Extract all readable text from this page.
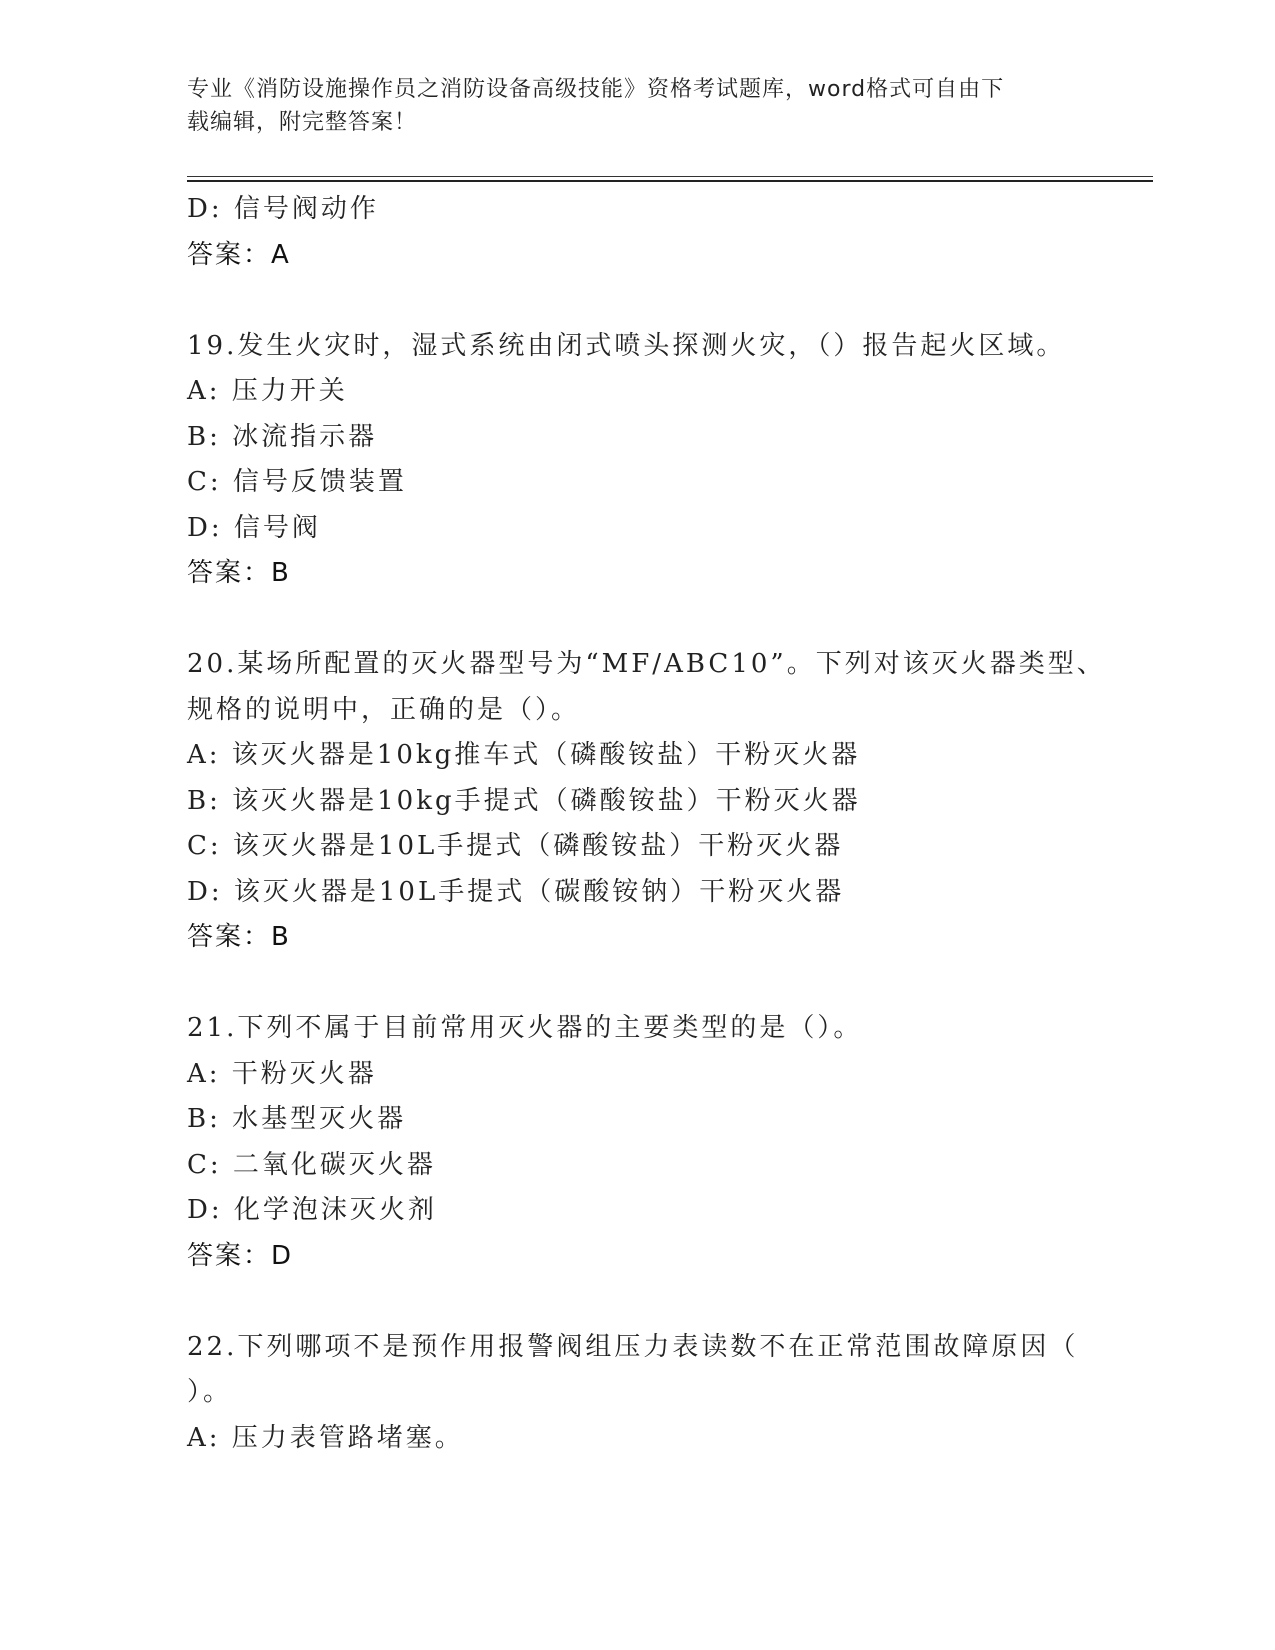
专业《消防设施操作员之消防设备高级技能》资格考试题库，word格式可自由下
载编辑，附完整答案！
D: 信号阀动作
答案：A
19.发生火灾时，湿式系统由闭式喷头探测火灾，（）报告起火区域。
A: 压力开关
B: 冰流指示器
C: 信号反馈装置
D: 信号阀
答案：B
20.某场所配置的灭火器型号为“MF/ABC10”。下列对该灭火器类型、
规格的说明中，正确的是（）。
A: 该灭火器是10kg推车式（磷酸铵盐）干粉灭火器
B: 该灭火器是10kg手提式（磷酸铵盐）干粉灭火器
C: 该灭火器是10L手提式（磷酸铵盐）干粉灭火器
D: 该灭火器是10L手提式（碳酸铵钠）干粉灭火器
答案：B
21.下列不属于目前常用灭火器的主要类型的是（）。
A: 干粉灭火器
B: 水基型灭火器
C: 二氧化碳灭火器
D: 化学泡沫灭火剂
答案：D
22.下列哪项不是预作用报警阀组压力表读数不在正常范围故障原因（
）。
A: 压力表管路堵塞。
